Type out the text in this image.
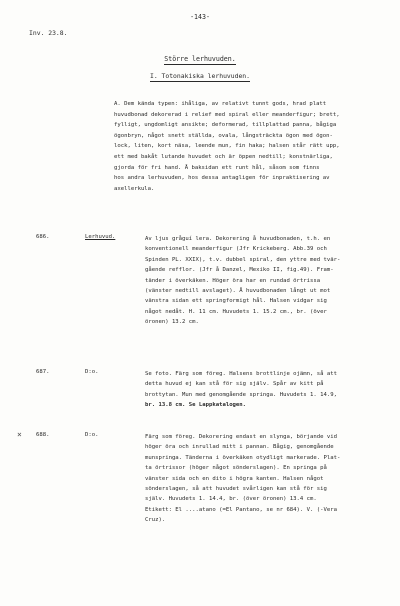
-143-
Inv. 23.8.
Större lerhuvuden.
I. Totonakiska lerhuvuden.
A. Dem kända typen: ihåliga, av relativt tunnt gods, hrad platt
huvudbonad dekorerad i relief med spiral eller meanderfigur; brett,
fylligt, ungdomligt ansikte; deformerad, tillplattad panna, bågiga
ögonbryn, något snett ställda, ovala, långsträckta ögon med ögon-
lock, liten, kort näsa, leende mun, fin haka; halsen står rätt upp,
ett med bakåt lutande huvudet och är öppen nedtill; konstnärliga,
gjorda för fri hand. Å baksidan ett runt hål, såsom som finns
hos andra lerhuvuden, hos dessa antagligen för inpraktisering av
axellerkula.
686.	Lerhuvud.	Av ljus gråguí lera. Dekorering å huvudbonaden, t.h. en
konventionell meanderfigur (Jfr Krickeberg. Abb.39 och
Spinden PL. XXIX), t.v. dubbel spiral, den yttre med tvär-
gående refflor. (Jfr å Danzel, Mexiko II, fig.49). Fram-
tänder i överkäken. Höger öra har en rundad örtrissa
(vänster nedtill avslaget). Å huvudbonaden långt ut mot
vänstra sidan ett springformigt hål. Halsen vidgar sig
något nedåt. H. 11 cm. Huvudets 1. 15.2 cm., br. (över
öronen) 13.2 cm.
687.	D:o.	Se foto. Färg som föreg. Halsens brottlinje ojämn, så att
detta huvud ej kan stå för sig själv. Spår av kitt på
brottytan. Mun med genomgående springa. Huvudets 1. 14.9,
br. 13.8 cm. Se Lappkatalogen.
×	688.	D:o.	Färg som föreg. Dekorering endast en slynga, börjande vid
höger öra och inrullad mitt i pannan. Bågig, genomgående
munspringa. Tänderna i överkäken otydligt markerade. Plat-
ta örtrissor (höger något sönderslagen). En springa på
vänster sida och en dito i högra kanten. Halsen något
sönderslagen, så att huvudet svårligen kan stå för sig
själv. Huvudets 1. 14.4, br. (över öronen) 13.4 cm.
Etikett: El ....atano (=El Pantano, se nr 684). V. (-Vera
Cruz).
